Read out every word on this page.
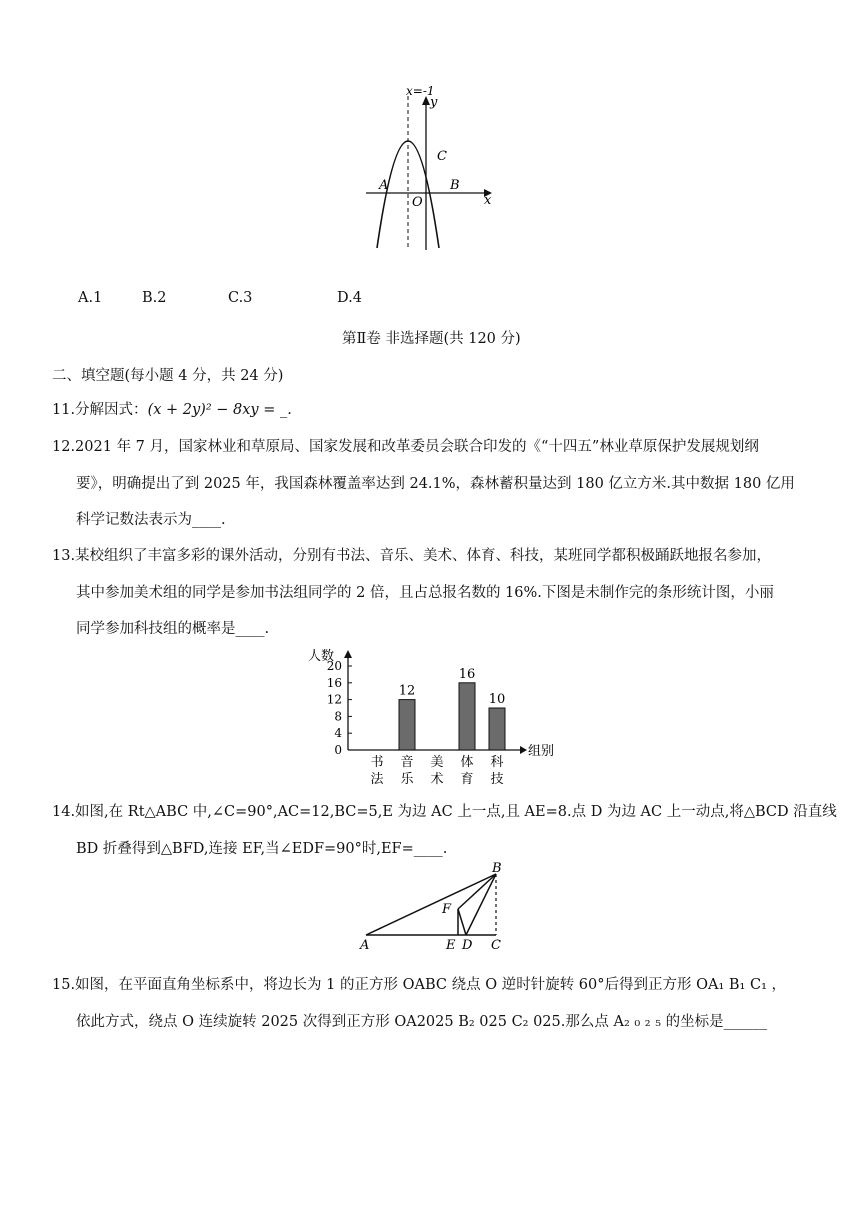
x=-1
y
x
A	B
C
O
A.1	B.2	C.3	D.4
第Ⅱ卷 非选择题(共 120 分)
二、填空题(每小题 4 分，共 24 分)
11.分解因式：(x + 2y)² − 8xy = _.
12.2021 年 7 月，国家林业和草原局、国家发展和改革委员会联合印发的《“十四五”林业草原保护发展规划纲
要》，明确提出了到 2025 年，我国森林覆盖率达到 24.1%，森林蓄积量达到 180 亿立方米.其中数据 180 亿用
科学记数法表示为____.
13.某校组织了丰富多彩的课外活动，分别有书法、音乐、美术、体育、科技，某班同学都积极踊跃地报名参加，
其中参加美术组的同学是参加书法组同学的 2 倍，且占总报名数的 16%.下图是未制作完的条形统计图，小丽
同学参加科技组的概率是____.
人数
组别
0
4
8
12
16
20
书
法
音
乐
12
美
术
体
育
16
科
技
10
14.如图,在 Rt△ABC 中,∠C=90°,AC=12,BC=5,E 为边 AC 上一点,且 AE=8.点 D 为边 AC 上一动点,将△BCD 沿直线
BD 折叠得到△BFD,连接 EF,当∠EDF=90°时,EF=____.
A
B
C
D
E
F
15.如图，在平面直角坐标系中，将边长为 1 的正方形 OABC 绕点 O 逆时针旋转 60°后得到正方形 OA₁ B₁ C₁ ，
依此方式，绕点 O 连续旋转 2025 次得到正方形 OA2025 B₂ 025 C₂ 025.那么点 A₂ ₀ ₂ ₅ 的坐标是______
